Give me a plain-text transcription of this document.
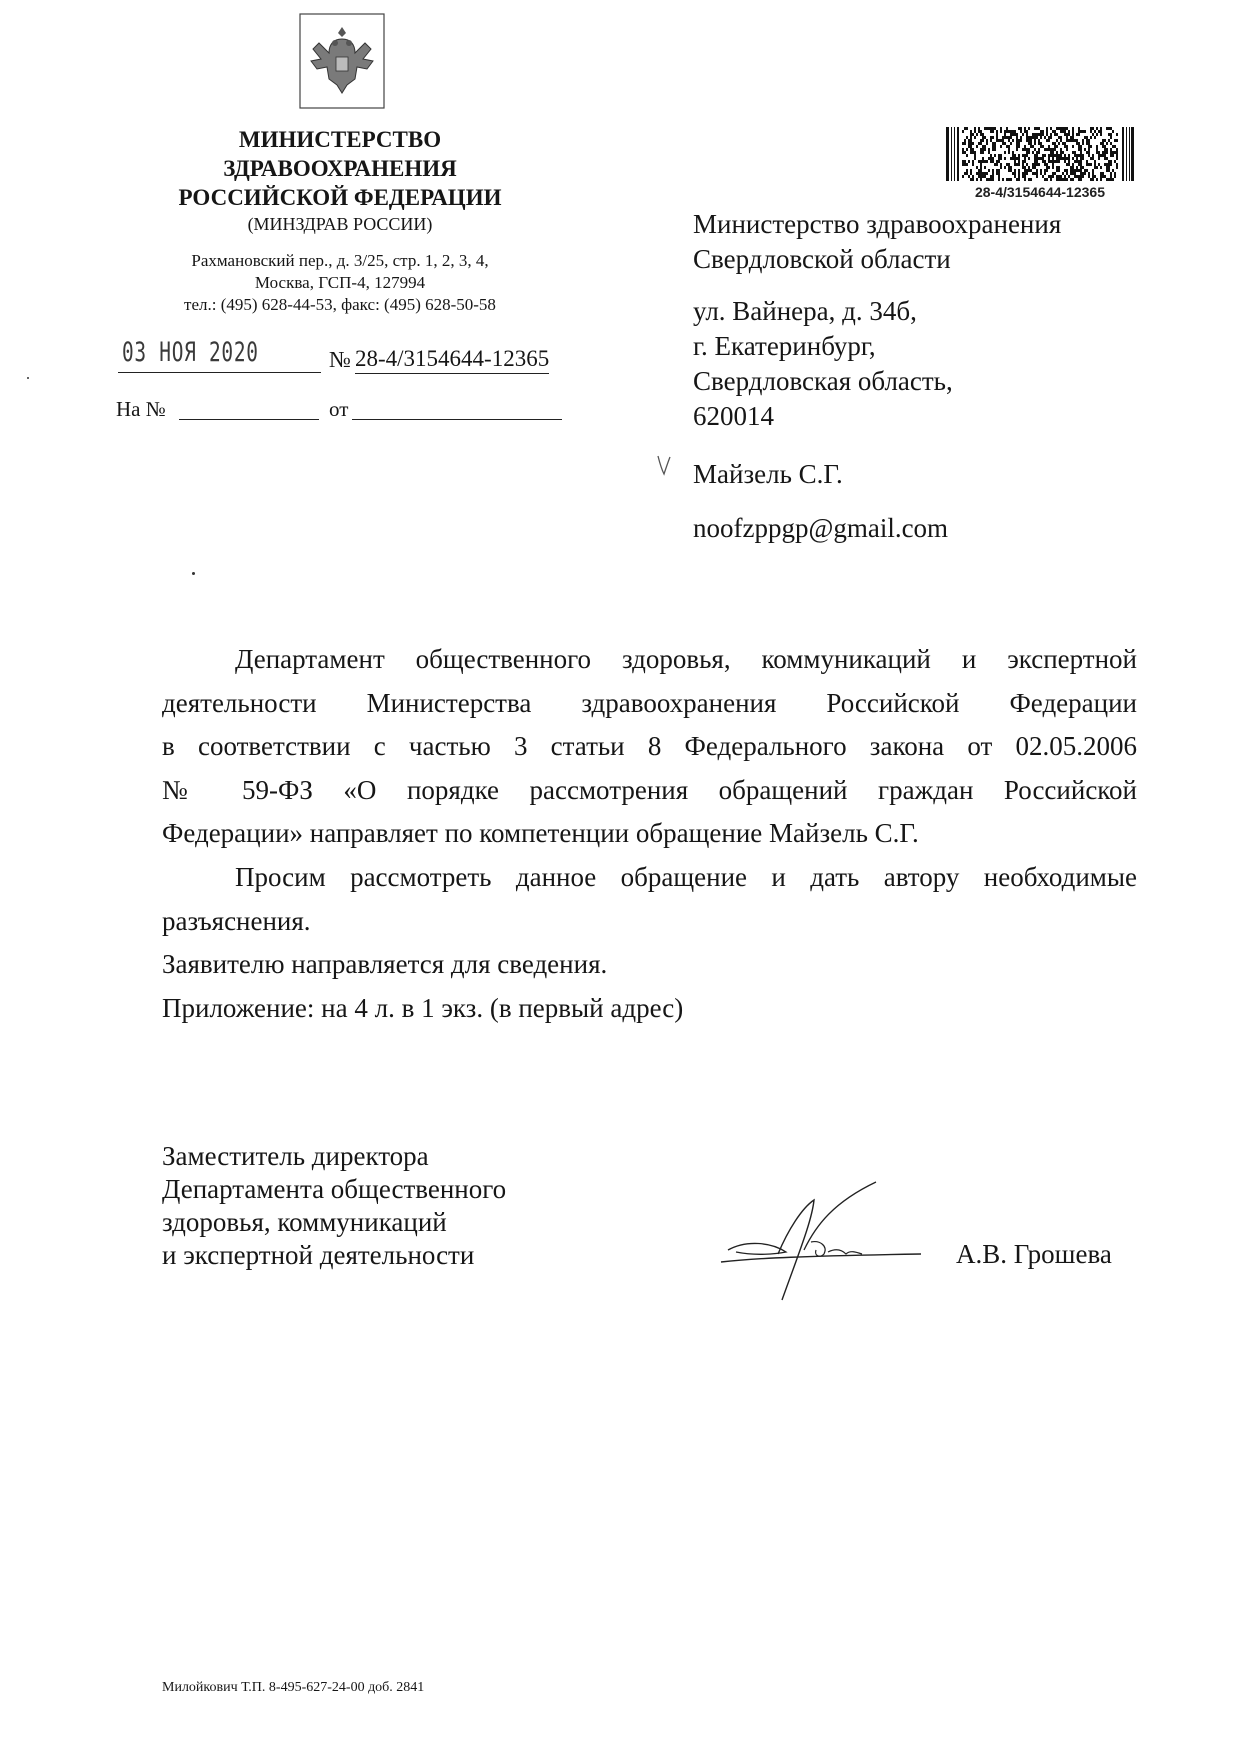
МИНИСТЕРСТВО
ЗДРАВООХРАНЕНИЯ
РОССИЙСКОЙ ФЕДЕРАЦИИ
(МИНЗДРАВ РОССИИ)
Рахмановский пер., д. 3/25, стр. 1, 2, 3, 4,
Москва, ГСП-4, 127994
тел.: (495) 628-44-53, факс: (495) 628-50-58
03 НОЯ 2020	№ 28-4/3154644-12365
На №	от
28-4/3154644-12365
Министерство здравоохранения
Свердловской области
ул. Вайнера, д. 34б,
г. Екатеринбург,
Свердловская область,
620014
Майзель С.Г.
noofzppgp@gmail.com
Департамент общественного здоровья, коммуникаций и экспертной
деятельности Министерства здравоохранения Российской Федерации
в соответствии с частью 3 статьи 8 Федерального закона от 02.05.2006
№ 59-ФЗ «О порядке рассмотрения обращений граждан Российской
Федерации» направляет по компетенции обращение Майзель С.Г.
Просим рассмотреть данное обращение и дать автору необходимые
разъяснения.
Заявителю направляется для сведения.
Приложение: на 4 л. в 1 экз. (в первый адрес)
Заместитель директора
Департамента общественного
здоровья, коммуникаций
и экспертной деятельности	А.В. Грошева
Милойкович Т.П. 8-495-627-24-00 доб. 2841
